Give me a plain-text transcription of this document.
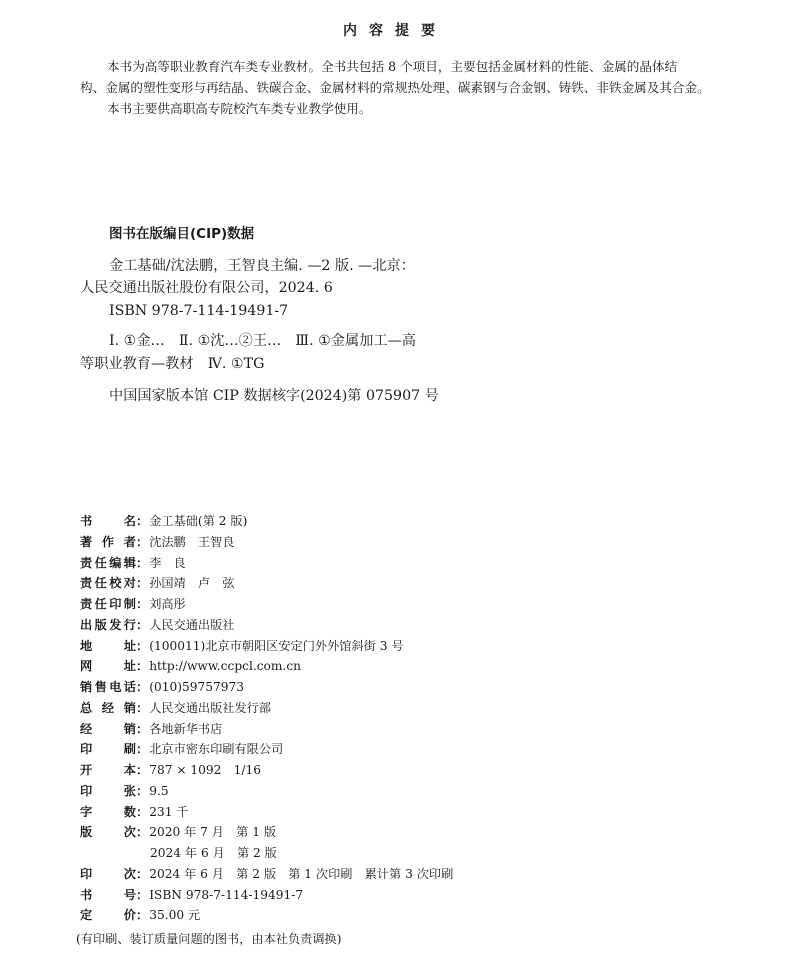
内容提要
本书为高等职业教育汽车类专业教材。全书共包括 8 个项目，主要包括金属材料的性能、金属的晶体结
构、金属的塑性变形与再结晶、铁碳合金、金属材料的常规热处理、碳素钢与合金钢、铸铁、非铁金属及其合金。
本书主要供高职高专院校汽车类专业教学使用。
图书在版编目(CIP)数据
金工基础/沈法鹏，王智良主编. —2 版. —北京：
人民交通出版社股份有限公司，2024. 6
ISBN 978-7-114-19491-7
Ⅰ. ①金…　Ⅱ. ①沈…②王…　Ⅲ. ①金属加工—高
等职业教育—教材　Ⅳ. ①TG
中国国家版本馆 CIP 数据核字(2024)第 075907 号
书名 ： 金工基础(第 2 版)
著作者 ： 沈法鹏　王智良
责任编辑 ： 李　良
责任校对 ： 孙国靖　卢　弦
责任印制 ： 刘高彤
出版发行 ： 人民交通出版社
地址 ： (100011)北京市朝阳区安定门外外馆斜街 3 号
网址 ： http://www.ccpcl.com.cn
销售电话 ： (010)59757973
总经销 ： 人民交通出版社发行部
经销 ： 各地新华书店
印刷 ： 北京市密东印刷有限公司
开本 ： 787 × 1092　1/16
印张 ： 9.5
字数 ： 231 千
版次 ： 2020 年 7 月　第 1 版
2024 年 6 月　第 2 版
印次 ： 2024 年 6 月　第 2 版　第 1 次印刷　累计第 3 次印刷
书号 ： ISBN 978-7-114-19491-7
定价 ： 35.00 元
(有印刷、装订质量问题的图书，由本社负责调换)
